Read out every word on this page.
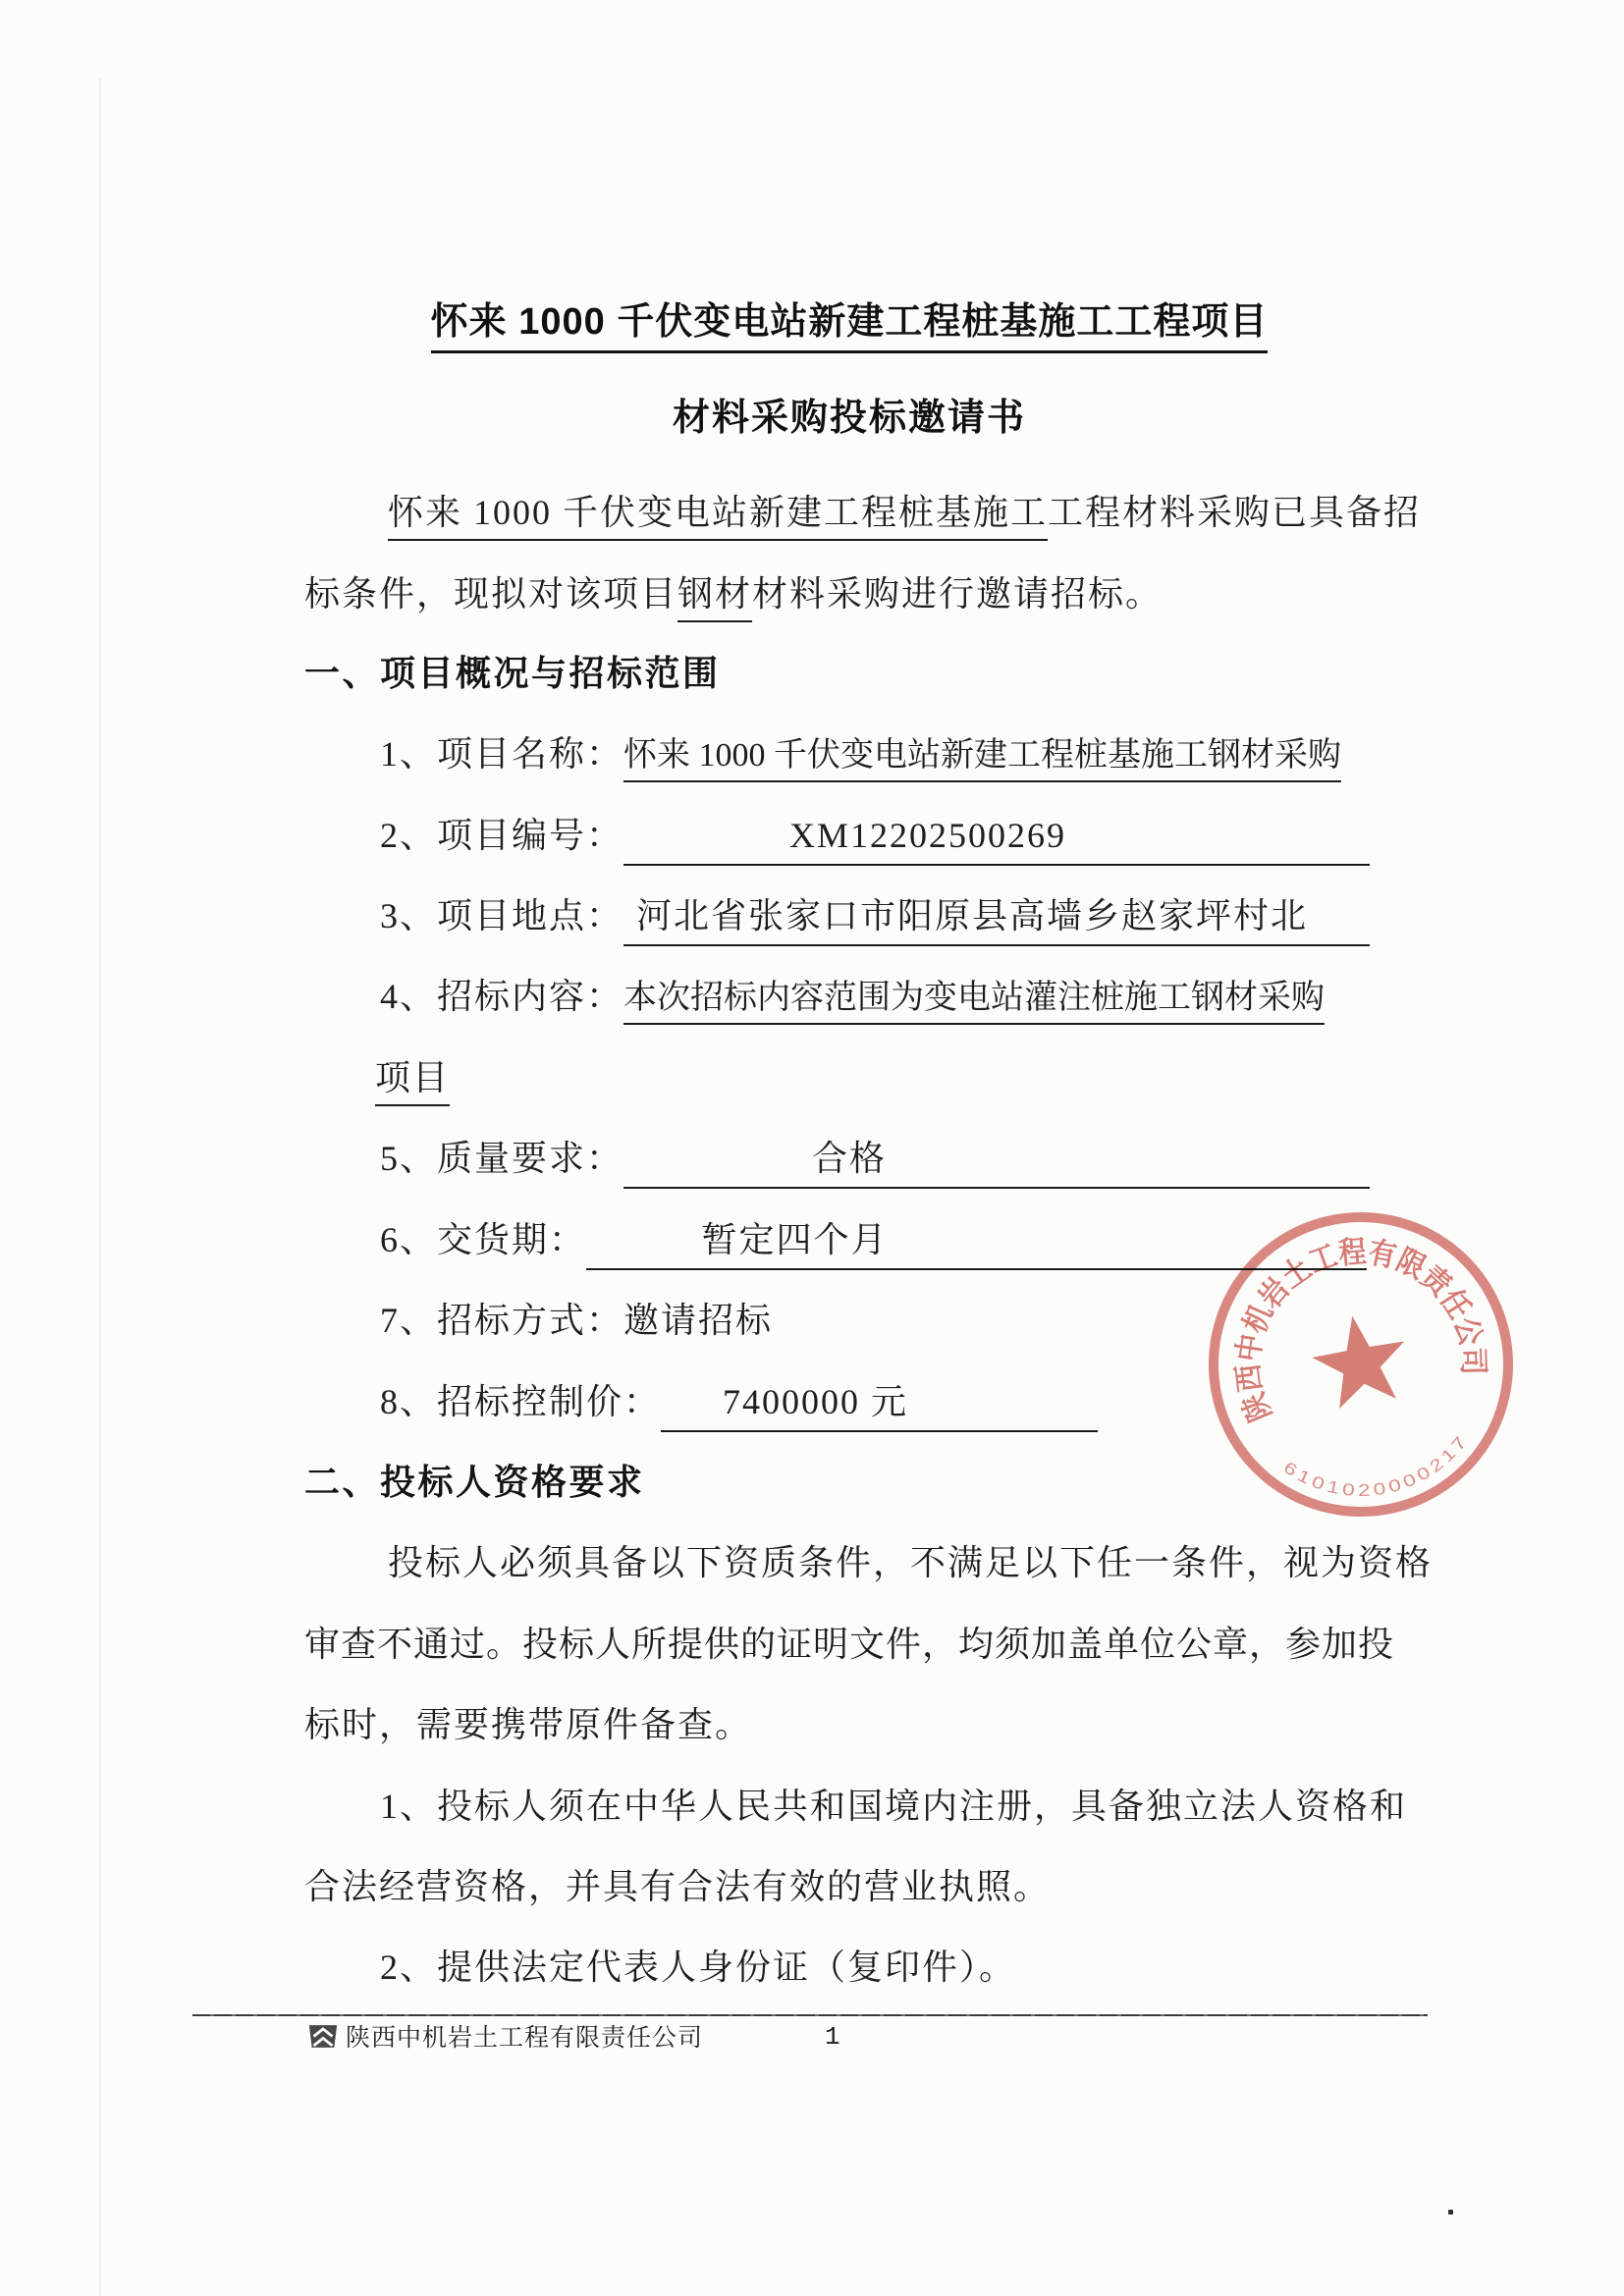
怀来 1000 千伏变电站新建工程桩基施工工程项目
材料采购投标邀请书
怀来 1000 千伏变电站新建工程桩基施工工程材料采购已具备招
标条件，现拟对该项目钢材材料采购进行邀请招标。
一、项目概况与招标范围
1、项目名称：怀来 1000 千伏变电站新建工程桩基施工钢材采购
2、项目编号：	XM12202500269
3、项目地点： 河北省张家口市阳原县高墙乡赵家坪村北
4、招标内容：本次招标内容范围为变电站灌注桩施工钢材采购
项目
5、质量要求：	合格
6、交货期：	暂定四个月
7、招标方式：邀请招标
8、招标控制价： 7400000 元
二、投标人资格要求
投标人必须具备以下资质条件，不满足以下任一条件，视为资格
审查不通过。投标人所提供的证明文件，均须加盖单位公章，参加投
标时，需要携带原件备查。
1、投标人须在中华人民共和国境内注册，具备独立法人资格和
合法经营资格，并具有合法有效的营业执照。
2、提供法定代表人身份证（复印件）。
陕西中机岩土工程有限责任公司
6101020000217
陕西中机岩土工程有限责任公司	1
